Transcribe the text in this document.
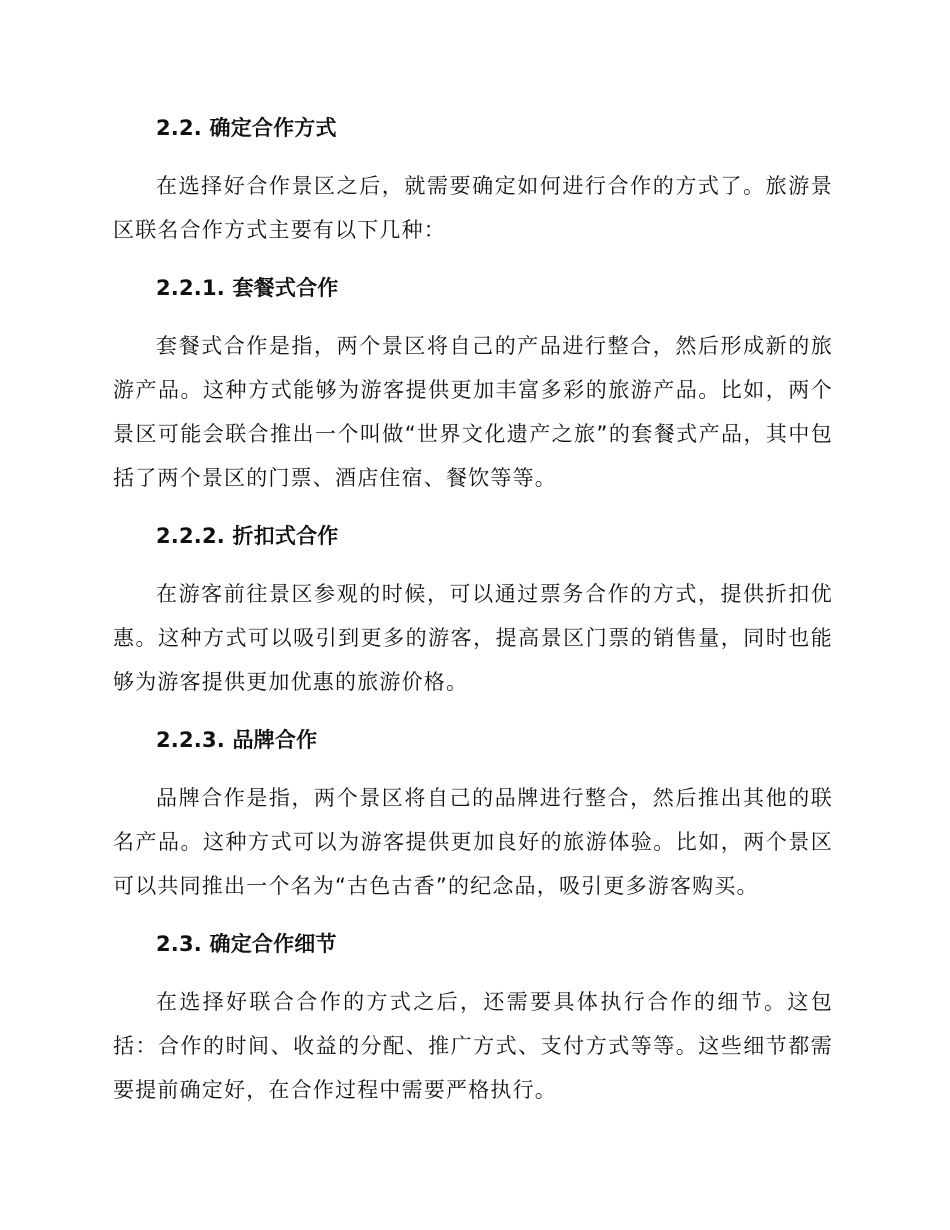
2.2. 确定合作方式
在选择好合作景区之后，就需要确定如何进行合作的方式了。旅游景区联名合作方式主要有以下几种：
2.2.1. 套餐式合作
套餐式合作是指，两个景区将自己的产品进行整合，然后形成新的旅游产品。这种方式能够为游客提供更加丰富多彩的旅游产品。比如，两个景区可能会联合推出一个叫做“世界文化遗产之旅”的套餐式产品，其中包括了两个景区的门票、酒店住宿、餐饮等等。
2.2.2. 折扣式合作
在游客前往景区参观的时候，可以通过票务合作的方式，提供折扣优惠。这种方式可以吸引到更多的游客，提高景区门票的销售量，同时也能够为游客提供更加优惠的旅游价格。
2.2.3. 品牌合作
品牌合作是指，两个景区将自己的品牌进行整合，然后推出其他的联名产品。这种方式可以为游客提供更加良好的旅游体验。比如，两个景区可以共同推出一个名为“古色古香”的纪念品，吸引更多游客购买。
2.3. 确定合作细节
在选择好联合合作的方式之后，还需要具体执行合作的细节。这包括：合作的时间、收益的分配、推广方式、支付方式等等。这些细节都需要提前确定好，在合作过程中需要严格执行。
